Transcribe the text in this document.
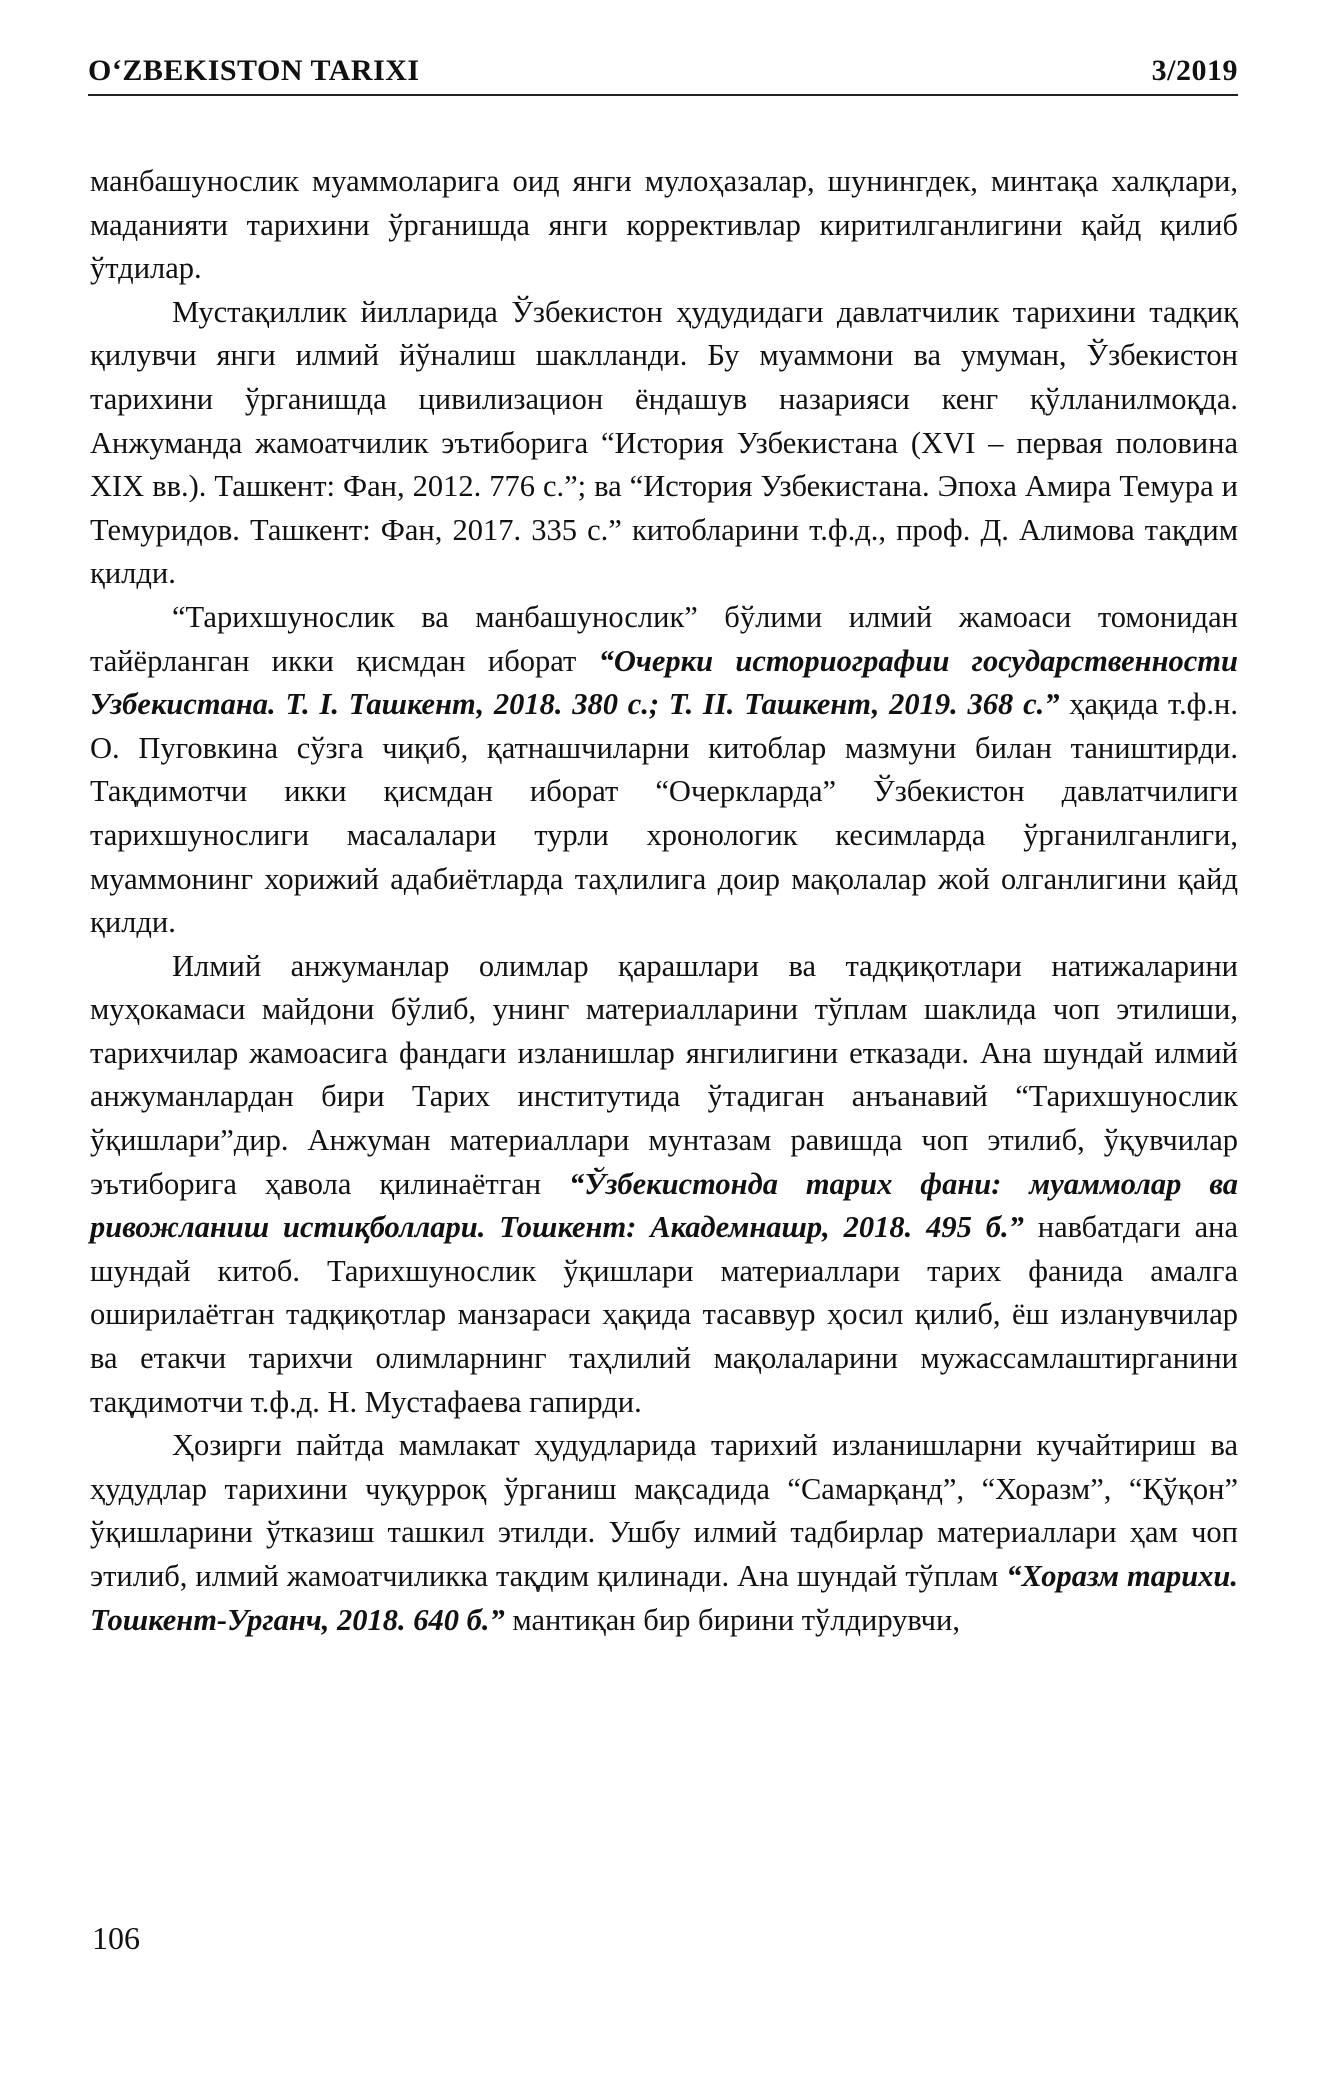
O‘ZBEKISTON TARIXI	3/2019

манбашунослик муаммоларига оид янги мулоҳазалар, шунингдек, минтақа халқлари, маданияти тарихини ўрганишда янги коррективлар киритилганлигини қайд қилиб ўтдилар.

Мустақиллик йилларида Ўзбекистон ҳудудидаги давлатчилик тарихини тадқиқ қилувчи янги илмий йўналиш шаклланди. Бу муаммони ва умуман, Ўзбекистон тарихини ўрганишда цивилизацион ёндашув назарияси кенг қўлланилмоқда. Анжуманда жамоатчилик эътиборига “История Узбекистана (XVI – первая половина XIX вв.). Ташкент: Фан, 2012. 776 с.”; ва “История Узбекистана. Эпоха Амира Темура и Темуридов. Ташкент: Фан, 2017. 335 с.” китобларини т.ф.д., проф. Д. Алимова тақдим қилди.

“Тарихшунослик ва манбашунослик” бўлими илмий жамоаси томонидан тайёрланган икки қисмдан иборат “Очерки историографии государственности Узбекистана. Т. I. Ташкент, 2018. 380 с.; Т. II. Ташкент, 2019. 368 с.” ҳақида т.ф.н. О. Пуговкина сўзга чиқиб, қатнашчиларни китоблар мазмуни билан таништирди. Тақдимотчи икки қисмдан иборат “Очеркларда” Ўзбекистон давлатчилиги тарихшунослиги масалалари турли хронологик кесимларда ўрганилганлиги, муаммонинг хорижий адабиётларда таҳлилига доир мақолалар жой олганлигини қайд қилди.

Илмий анжуманлар олимлар қарашлари ва тадқиқотлари натижаларини муҳокамаси майдони бўлиб, унинг материалларини тўплам шаклида чоп этилиши, тарихчилар жамоасига фандаги изланишлар янгилигини етказади. Ана шундай илмий анжуманлардан бири Тарих институтида ўтадиган анъанавий “Тарихшунослик ўқишлари”дир. Анжуман материаллари мунтазам равишда чоп этилиб, ўқувчилар эътиборига ҳавола қилинаётган “Ўзбекистонда тарих фани: муаммолар ва ривожланиш истиқболлари. Тошкент: Академнашр, 2018. 495 б.” навбатдаги ана шундай китоб. Тарихшунослик ўқишлари материаллари тарих фанида амалга оширилаётган тадқиқотлар манзараси ҳақида тасаввур ҳосил қилиб, ёш изланувчилар ва етакчи тарихчи олимларнинг таҳлилий мақолаларини мужассамлаштирганини тақдимотчи т.ф.д. Н. Мустафаева гапирди.

Ҳозирги пайтда мамлакат ҳудудларида тарихий изланишларни кучайтириш ва ҳудудлар тарихини чуқурроқ ўрганиш мақсадида “Самарқанд”, “Хоразм”, “Қўқон” ўқишларини ўтказиш ташкил этилди. Ушбу илмий тадбирлар материаллари ҳам чоп этилиб, илмий жамоатчиликка тақдим қилинади. Ана шундай тўплам “Хоразм тарихи. Тошкент-Урганч, 2018. 640 б.” мантиқан бир бирини тўлдирувчи,

106
